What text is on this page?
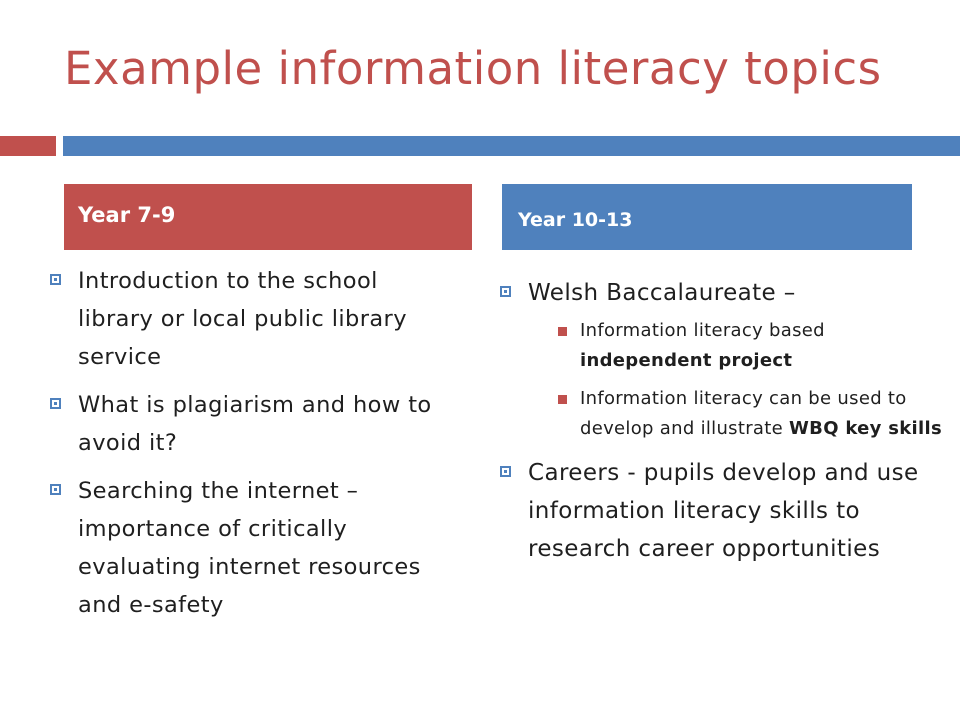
Example information literacy topics
Year 7-9	Year 10-13
Introduction to the school library or local public library service
What is plagiarism and how to avoid it?
Searching the internet – importance of critically evaluating internet resources and e-safety
Welsh Baccalaureate –
Information literacy based independent project
Information literacy can be used to develop and illustrate WBQ key skills
Careers - pupils develop and use information literacy skills to research career opportunities
